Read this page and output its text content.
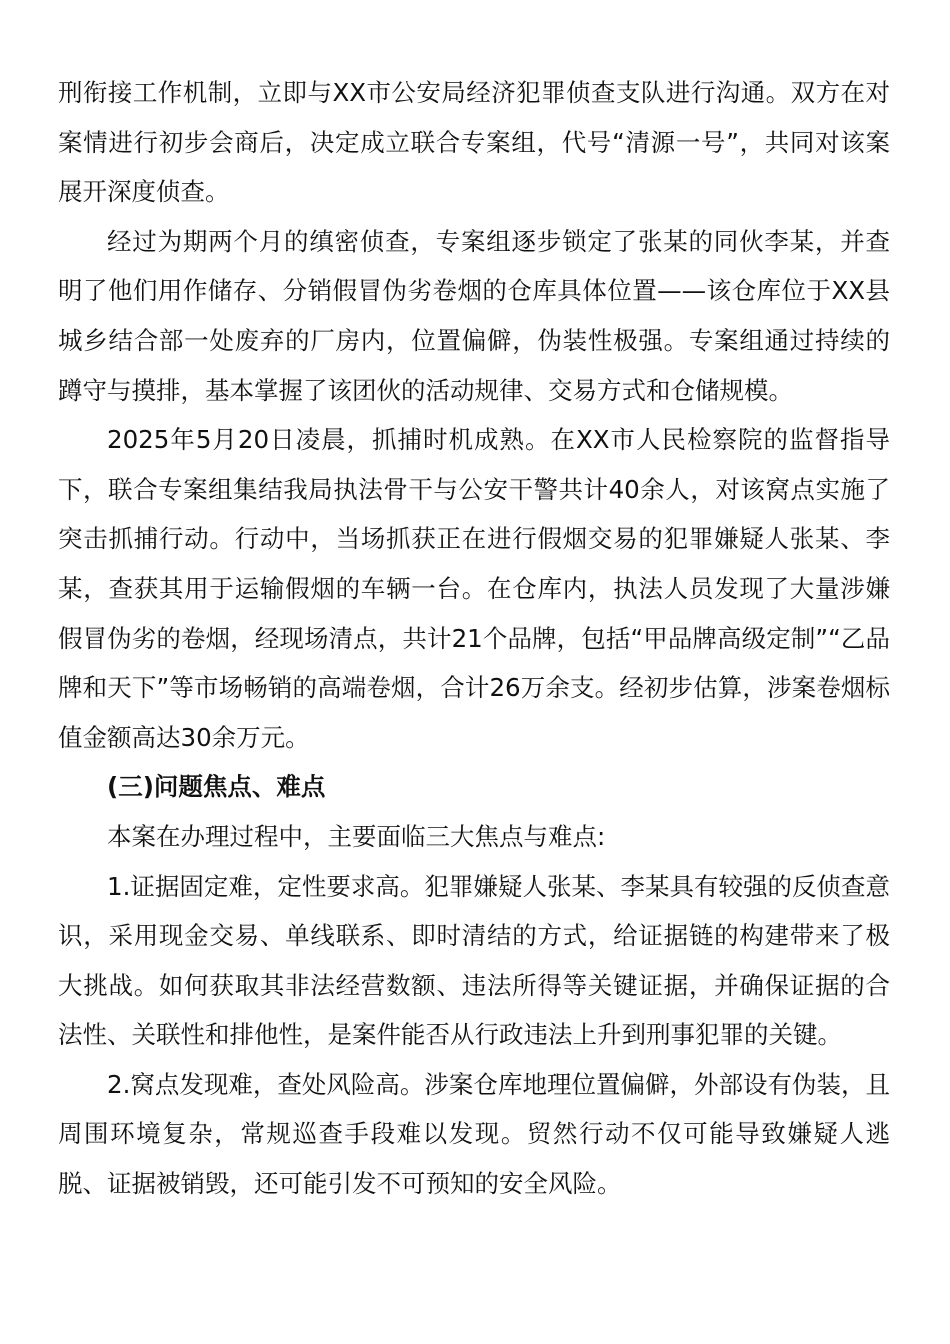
刑衔接工作机制，立即与XX市公安局经济犯罪侦查支队进行沟通。双方在对案情进行初步会商后，决定成立联合专案组，代号“清源一号”，共同对该案展开深度侦查。

经过为期两个月的缜密侦查，专案组逐步锁定了张某的同伙李某，并查明了他们用作储存、分销假冒伪劣卷烟的仓库具体位置——该仓库位于XX县城乡结合部一处废弃的厂房内，位置偏僻，伪装性极强。专案组通过持续的蹲守与摸排，基本掌握了该团伙的活动规律、交易方式和仓储规模。

2025年5月20日凌晨，抓捕时机成熟。在XX市人民检察院的监督指导下，联合专案组集结我局执法骨干与公安干警共计40余人，对该窝点实施了突击抓捕行动。行动中，当场抓获正在进行假烟交易的犯罪嫌疑人张某、李某，查获其用于运输假烟的车辆一台。在仓库内，执法人员发现了大量涉嫌假冒伪劣的卷烟，经现场清点，共计21个品牌，包括“甲品牌高级定制”“乙品牌和天下”等市场畅销的高端卷烟，合计26万余支。经初步估算，涉案卷烟标值金额高达30余万元。

(三)问题焦点、难点

本案在办理过程中，主要面临三大焦点与难点:

1.证据固定难，定性要求高。犯罪嫌疑人张某、李某具有较强的反侦查意识，采用现金交易、单线联系、即时清结的方式，给证据链的构建带来了极大挑战。如何获取其非法经营数额、违法所得等关键证据，并确保证据的合法性、关联性和排他性，是案件能否从行政违法上升到刑事犯罪的关键。

2.窝点发现难，查处风险高。涉案仓库地理位置偏僻，外部设有伪装，且周围环境复杂，常规巡查手段难以发现。贸然行动不仅可能导致嫌疑人逃脱、证据被销毁，还可能引发不可预知的安全风险。
